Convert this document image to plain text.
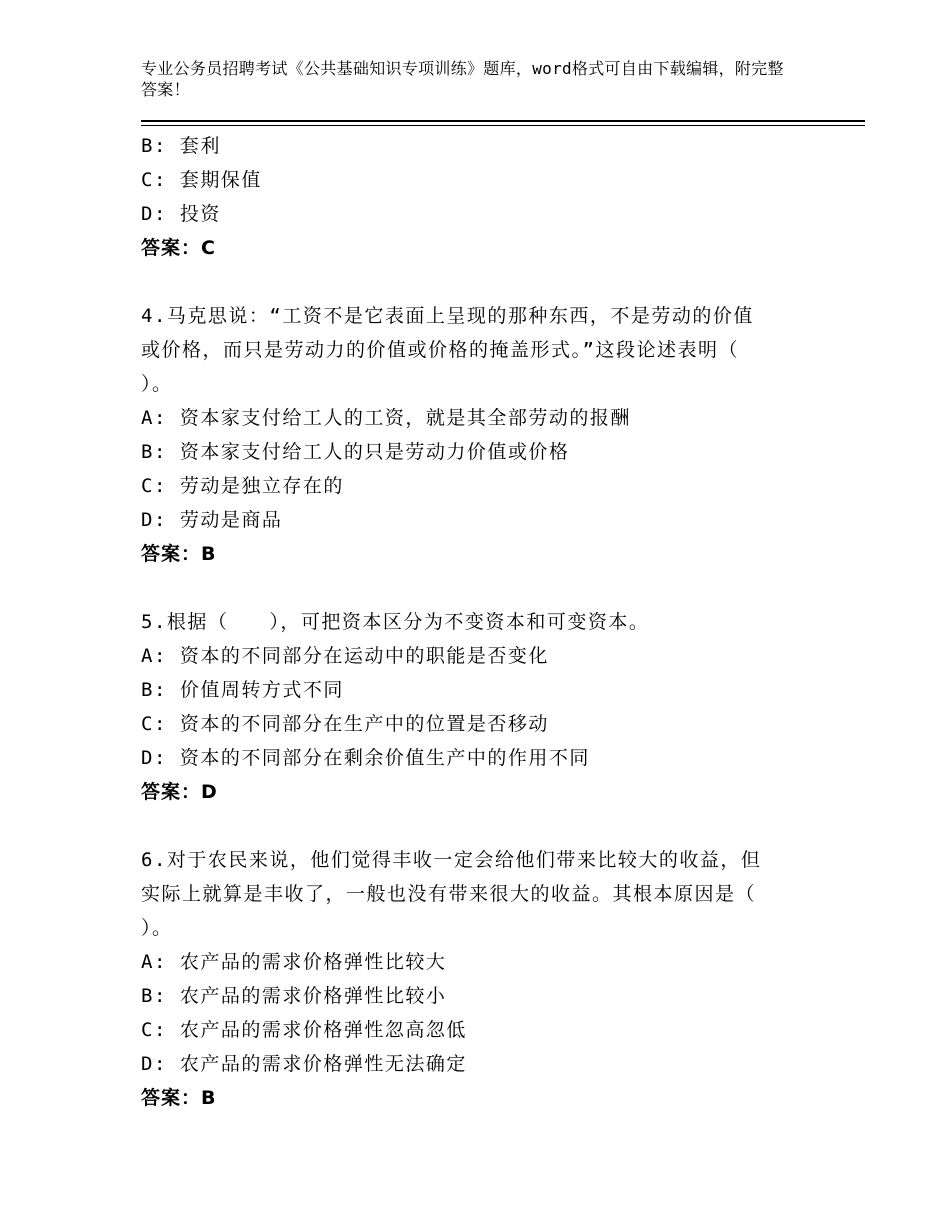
专业公务员招聘考试《公共基础知识专项训练》题库，word格式可自由下载编辑，附完整答案！
B: 套利
C: 套期保值
D: 投资
答案：C
4.马克思说：“工资不是它表面上呈现的那种东西，不是劳动的价值
或价格，而只是劳动力的价值或价格的掩盖形式。”这段论述表明（
）。
A: 资本家支付给工人的工资，就是其全部劳动的报酬
B: 资本家支付给工人的只是劳动力价值或价格
C: 劳动是独立存在的
D: 劳动是商品
答案：B
5.根据（　　），可把资本区分为不变资本和可变资本。
A: 资本的不同部分在运动中的职能是否变化
B: 价值周转方式不同
C: 资本的不同部分在生产中的位置是否移动
D: 资本的不同部分在剩余价值生产中的作用不同
答案：D
6.对于农民来说，他们觉得丰收一定会给他们带来比较大的收益，但
实际上就算是丰收了，一般也没有带来很大的收益。其根本原因是（
）。
A: 农产品的需求价格弹性比较大
B: 农产品的需求价格弹性比较小
C: 农产品的需求价格弹性忽高忽低
D: 农产品的需求价格弹性无法确定
答案：B
